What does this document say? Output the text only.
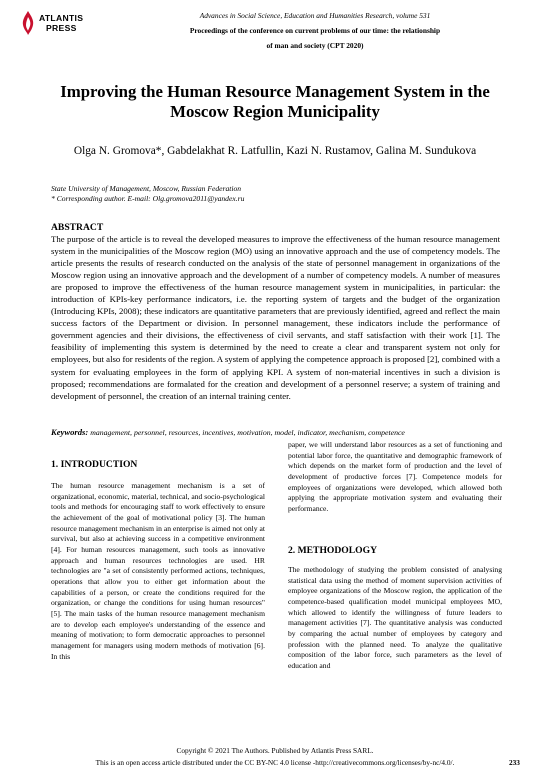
ATLANTIS
PRESS
Advances in Social Science, Education and Humanities Research, volume 531
Proceedings of the conference on current problems of our time: the relationship
of man and society (CPT 2020)
Improving the Human Resource Management System in the Moscow Region Municipality
Olga N. Gromova*, Gabdelakhat R. Latfullin, Kazi N. Rustamov, Galina M. Sundukova
State University of Management, Moscow, Russian Federation
* Corresponding author. E-mail: Olg.gromova2011@yandex.ru
ABSTRACT

The purpose of the article is to reveal the developed measures to improve the effectiveness of the human resource management system in the municipalities of the Moscow region (MO) using an innovative approach and the use of competency models. The article presents the results of research conducted on the analysis of the state of personnel management in organizations of the Moscow region using an innovative approach and the development of a number of competency models. A number of measures are proposed to improve the effectiveness of the human resource management system in municipalities, in particular: the introduction of KPIs-key performance indicators, i.e. the reporting system of targets and the budget of the organization (Introducing KPIs, 2008); these indicators are quantitative parameters that are previously identified, agreed and reflect the main success factors of the Department or division. In personnel management, these indicators include the performance of government agencies and their divisions, the effectiveness of civil servants, and staff satisfaction with their work [1]. The feasibility of implementing this system is determined by the need to create a clear and transparent system not only for employees, but also for residents of the region. A system of applying the competence approach is proposed [2], combined with a system for evaluating employees in the form of applying KPI. A system of non-material incentives in such a division is proposed; recommendations are formalated for the creation and development of a personnel reserve; a system of training and development of personnel, the creation of an internal training center.

Keywords: management, personnel, resources, incentives, motivation, model, indicator, mechanism, competence
1. INTRODUCTION

The human resource management mechanism is a set of organizational, economic, material, technical, and socio-psychological tools and methods for encouraging staff to work effectively to ensure the achievement of the goal of motivational policy [3]. The human resource management mechanism in an enterprise is aimed not only at survival, but also at achieving success in a competitive environment [4]. For human resources management, such tools as innovative approach and human resources technologies are used. HR technologies are "a set of consistently performed actions, techniques, operations that allow you to either get information about the capabilities of a person, or create the conditions required for the organization, or change the conditions for using human resources" [5]. The main tasks of the human resource management mechanism are to develop each employee's understanding of the essence and meaning of motivation; to form democratic approaches to personnel management for managers using modern methods of motivation [6]. In this

paper, we will understand labor resources as a set of functioning and potential labor force, the quantitative and demographic framework of which depends on the market form of production and the level of development of productive forces [7]. Competence models for employees of organizations were developed, which allowed both applying the appropriate motivation system and evaluating their performance.

2. METHODOLOGY

The methodology of studying the problem consisted of analysing statistical data using the method of moment supervision activities of employee organizations of the Moscow region, the application of the competence-based qualification model municipal employees MO, which allowed to identify the willingness of future leaders to management activities [7]. The quantitative analysis was conducted by comparing the actual number of employees by category and profession with the planned need. To analyze the qualitative composition of the labor force, such parameters as the level of education and

Copyright © 2021 The Authors. Published by Atlantis Press SARL.
This is an open access article distributed under the CC BY-NC 4.0 license -http://creativecommons.org/licenses/by-nc/4.0/.	233
